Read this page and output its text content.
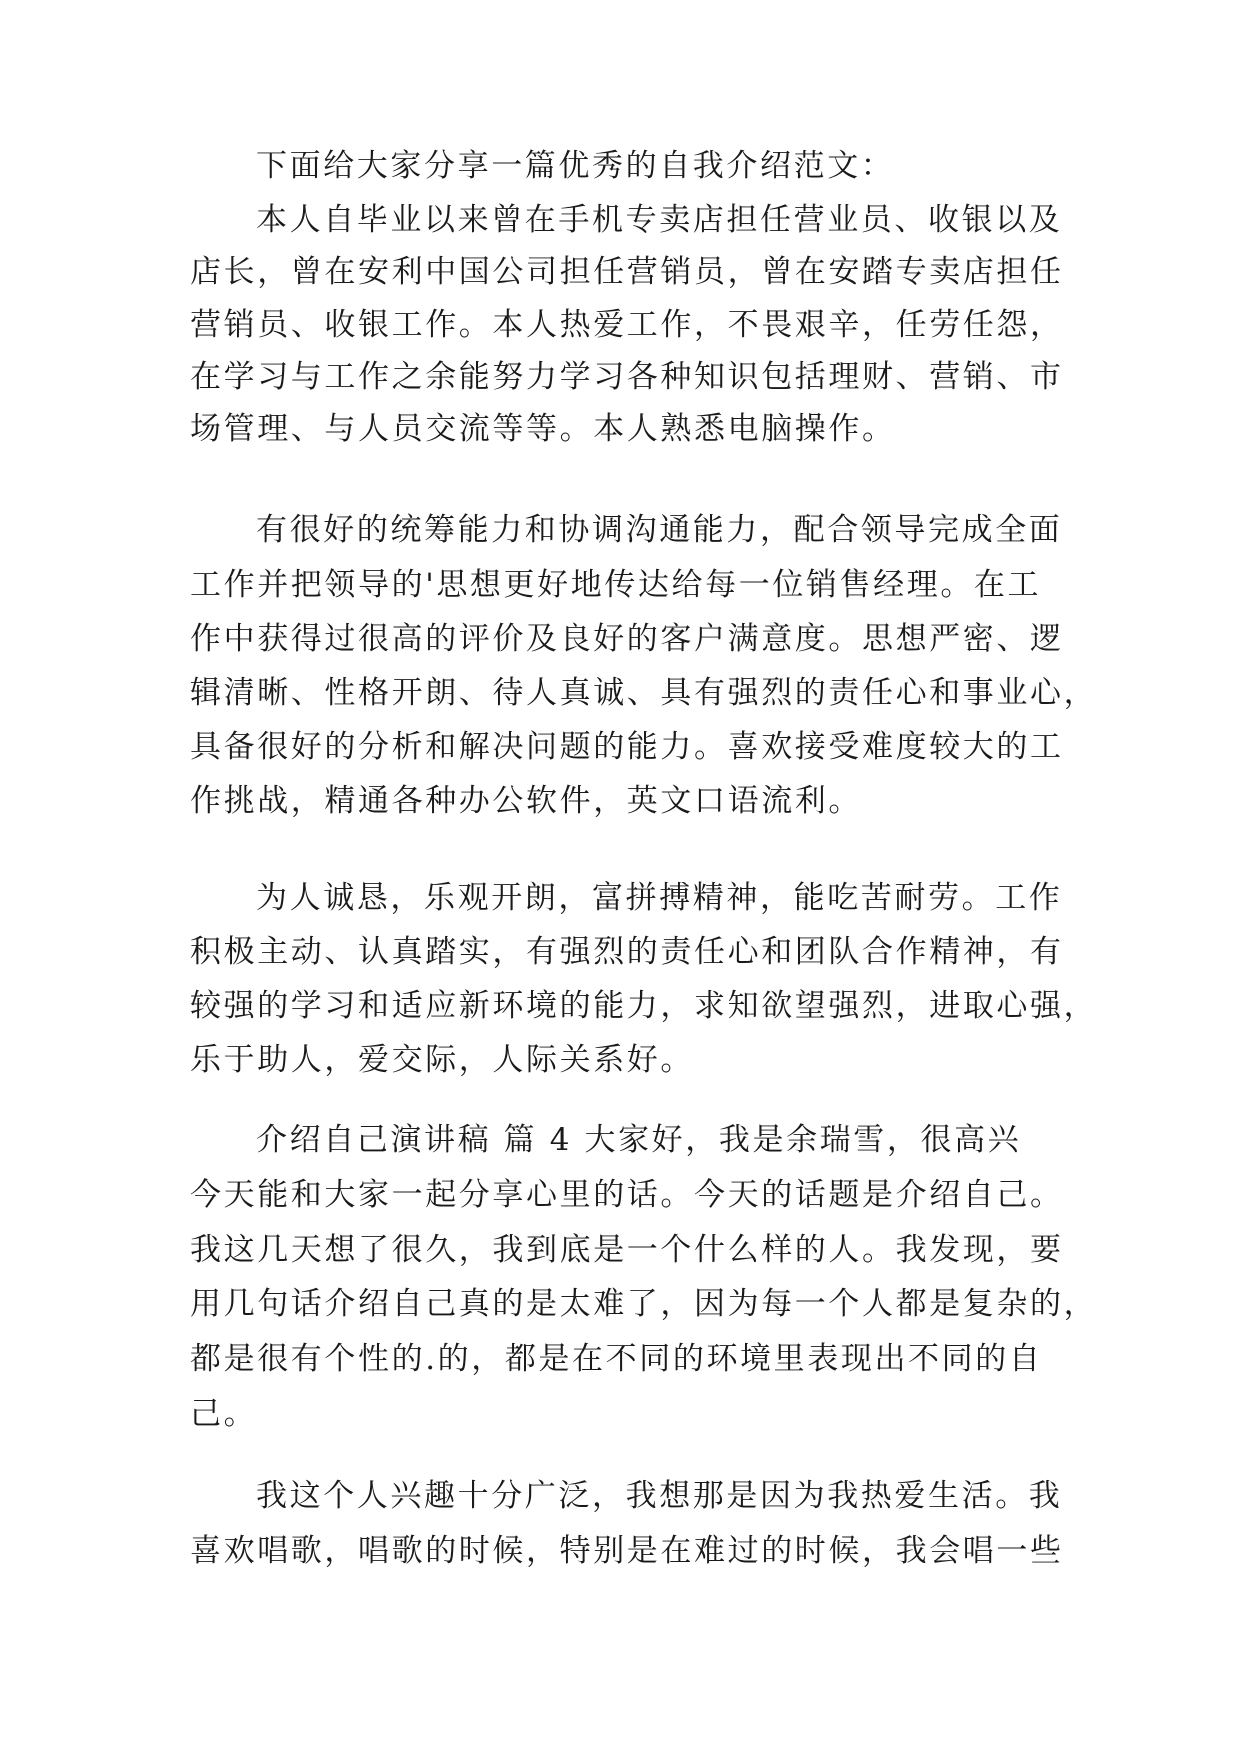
下面给大家分享一篇优秀的自我介绍范文：
本人自毕业以来曾在手机专卖店担任营业员、收银以及
店长，曾在安利中国公司担任营销员，曾在安踏专卖店担任
营销员、收银工作。本人热爱工作，不畏艰辛，任劳任怨，
在学习与工作之余能努力学习各种知识包括理财、营销、市
场管理、与人员交流等等。本人熟悉电脑操作。
有很好的统筹能力和协调沟通能力，配合领导完成全面
工作并把领导的'思想更好地传达给每一位销售经理。在工
作中获得过很高的评价及良好的客户满意度。思想严密、逻
辑清晰、性格开朗、待人真诚、具有强烈的责任心和事业心，
具备很好的分析和解决问题的能力。喜欢接受难度较大的工
作挑战，精通各种办公软件，英文口语流利。
为人诚恳，乐观开朗，富拼搏精神，能吃苦耐劳。工作
积极主动、认真踏实，有强烈的责任心和团队合作精神，有
较强的学习和适应新环境的能力，求知欲望强烈，进取心强，
乐于助人，爱交际，人际关系好。
介绍自己演讲稿 篇 4 大家好，我是余瑞雪，很高兴
今天能和大家一起分享心里的话。今天的话题是介绍自己。
我这几天想了很久，我到底是一个什么样的人。我发现，要
用几句话介绍自己真的是太难了，因为每一个人都是复杂的，
都是很有个性的.的，都是在不同的环境里表现出不同的自
己。
我这个人兴趣十分广泛，我想那是因为我热爱生活。我
喜欢唱歌，唱歌的时候，特别是在难过的时候，我会唱一些
